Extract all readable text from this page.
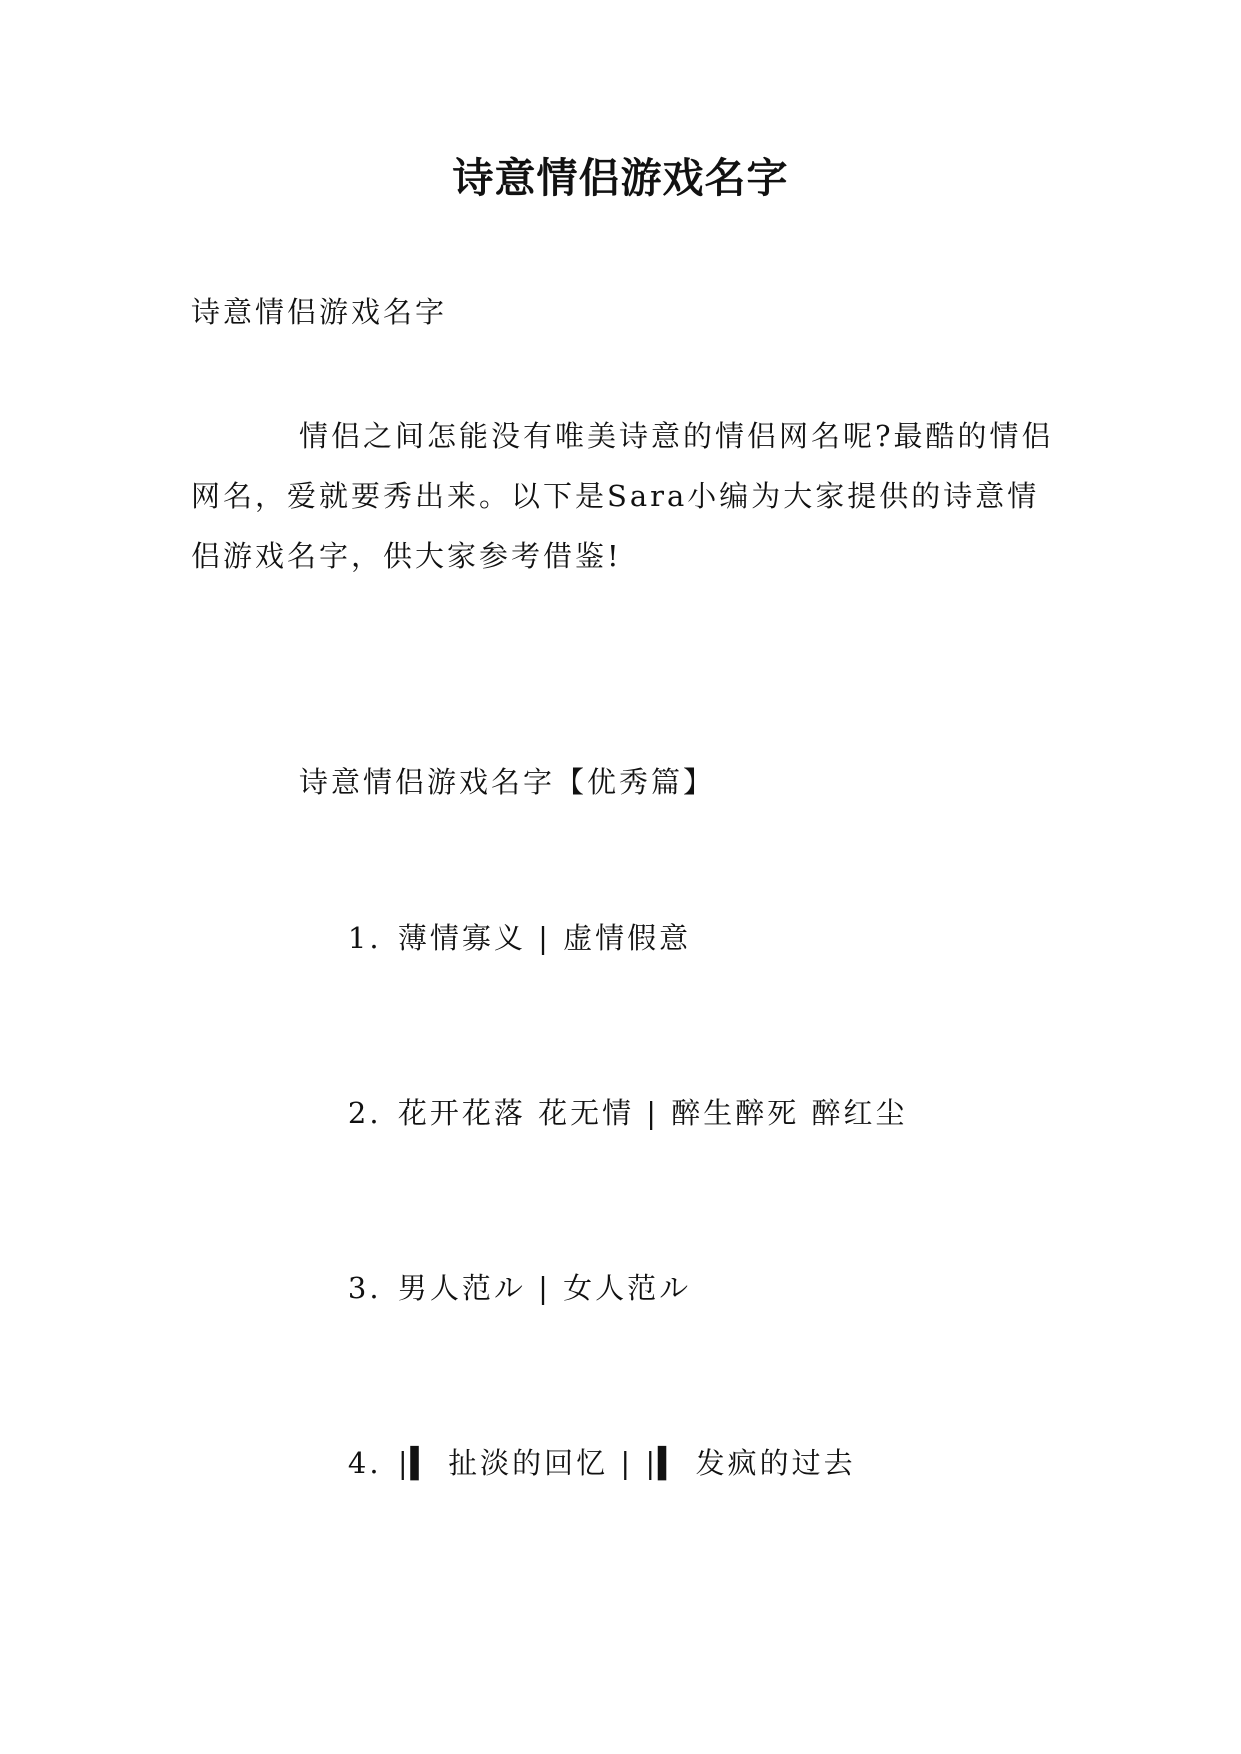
诗意情侣游戏名字
诗意情侣游戏名字

情侣之间怎能没有唯美诗意的情侣网名呢?最酷的情侣网名，爱就要秀出来。以下是Sara小编为大家提供的诗意情侣游戏名字，供大家参考借鉴!

诗意情侣游戏名字【优秀篇】

1. 薄情寡义 | 虚情假意

2. 花开花落 花无情 | 醉生醉死 醉红尘

3. 男人范ル | 女人范ル

4. |▍ 扯淡的回忆 | |▍ 发疯的过去
